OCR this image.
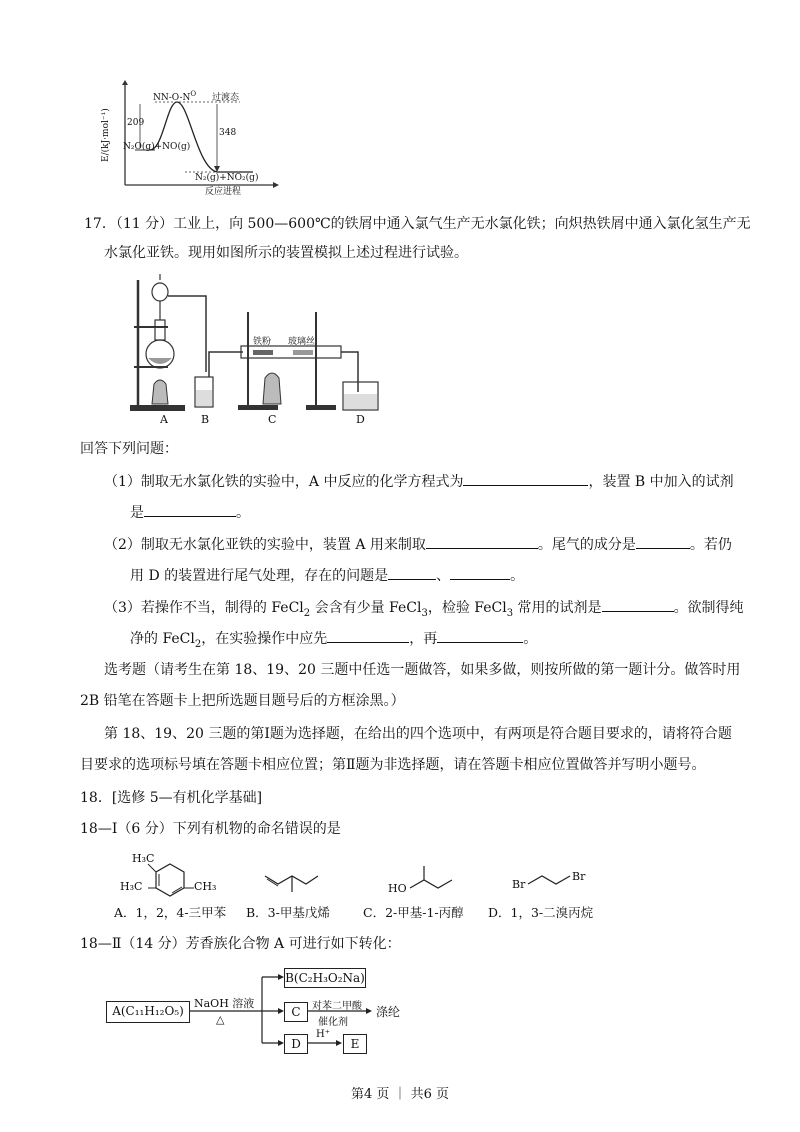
E/(kJ·mol⁻¹)
$NN-O-N^O$ 过渡态
209
348
N₂O(g)+NO(g)
N₂(g)+NO₂(g)
反应进程
17．（11 分）工业上，向 500—600℃的铁屑中通入氯气生产无水氯化铁；向炽热铁屑中通入氯化氢生产无
水氯化亚铁。现用如图所示的装置模拟上述过程进行试验。
A	B	C	D
铁粉 玻璃丝
回答下列问题：
（1）制取无水氯化铁的实验中，A 中反应的化学方程式为	，装置 B 中加入的试剂
是	。
（2）制取无水氯化亚铁的实验中，装置 A 用来制取	。尾气的成分是	。若仍
用 D 的装置进行尾气处理，存在的问题是	、	。
（3）若操作不当，制得的 FeCl$_2$ 会含有少量 FeCl$_3$，检验 FeCl$_3$ 常用的试剂是	。欲制得纯
净的 FeCl$_2$，在实验操作中应先	，再	。
选考题（请考生在第 18、19、20 三题中任选一题做答，如果多做，则按所做的第一题计分。做答时用
2B 铅笔在答题卡上把所选题目题号后的方框涂黑。）
第 18、19、20 三题的第Ⅰ题为选择题，在给出的四个选项中，有两项是符合题目要求的，请将符合题
目要求的选项标号填在答题卡相应位置；第Ⅱ题为非选择题，请在答题卡相应位置做答并写明小题号。
18．[选修 5—有机化学基础]
18—Ⅰ（6 分）下列有机物的命名错误的是
H₃C
H₃C	CH₃	HO	Br
Br
A．1，2，4-三甲苯 B．3-甲基戊烯	C．2-甲基-1-丙醇 D．1，3-二溴丙烷
18—Ⅱ（14 分）芳香族化合物 A 可进行如下转化：
A(C₁₁H₁₂O₅)
NaOH 溶液
△
B(C₂H₃O₂Na)
C	对苯二甲酸
催化剂
涤纶
D
H⁺
E
第4 页 ｜ 共6 页
